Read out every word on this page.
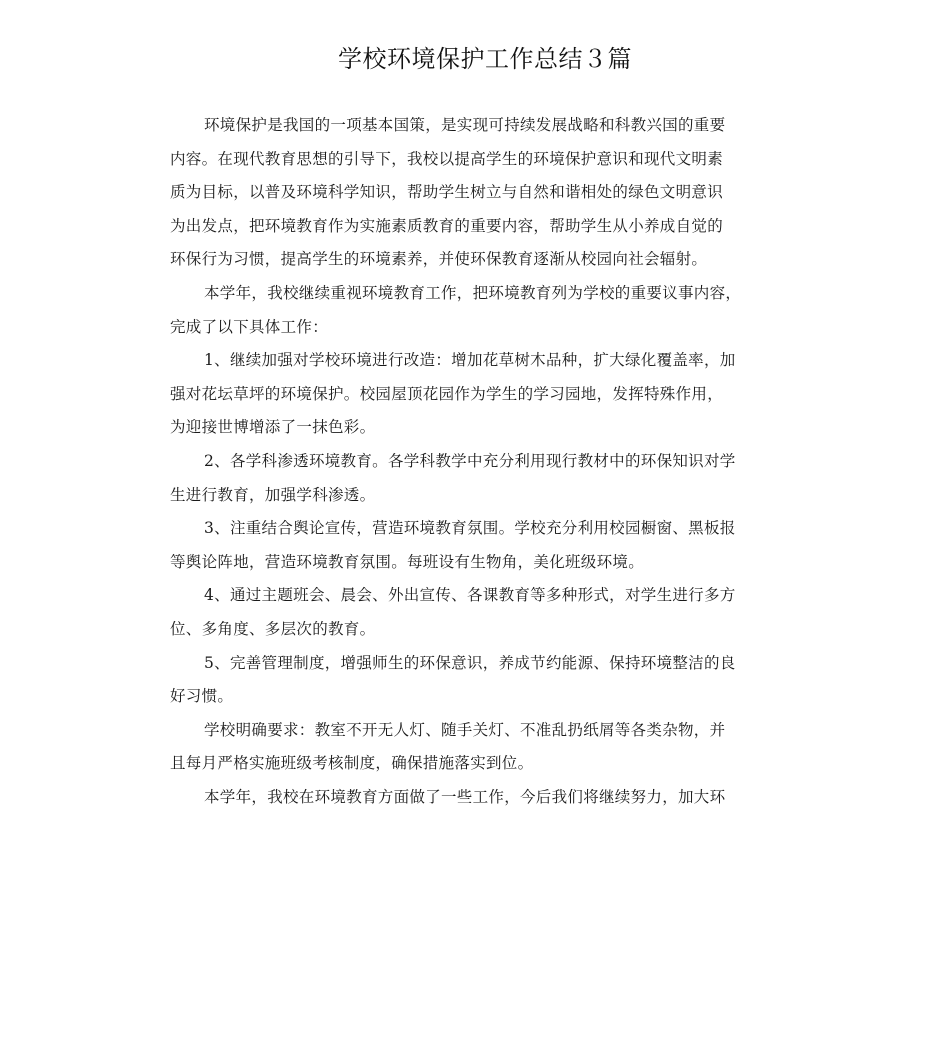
学校环境保护工作总结３篇
环境保护是我国的一项基本国策，是实现可持续发展战略和科教兴国的重要
内容。在现代教育思想的引导下，我校以提高学生的环境保护意识和现代文明素
质为目标，以普及环境科学知识，帮助学生树立与自然和谐相处的绿色文明意识
为出发点，把环境教育作为实施素质教育的重要内容，帮助学生从小养成自觉的
环保行为习惯，提高学生的环境素养，并使环保教育逐渐从校园向社会辐射。
本学年，我校继续重视环境教育工作，把环境教育列为学校的重要议事内容，
完成了以下具体工作：
1、继续加强对学校环境进行改造：增加花草树木品种，扩大绿化覆盖率，加
强对花坛草坪的环境保护。校园屋顶花园作为学生的学习园地，发挥特殊作用，
为迎接世博增添了一抹色彩。
2、各学科渗透环境教育。各学科教学中充分利用现行教材中的环保知识对学
生进行教育，加强学科渗透。
3、注重结合舆论宣传，营造环境教育氛围。学校充分利用校园橱窗、黑板报
等舆论阵地，营造环境教育氛围。每班设有生物角，美化班级环境。
4、通过主题班会、晨会、外出宣传、各课教育等多种形式，对学生进行多方
位、多角度、多层次的教育。
5、完善管理制度，增强师生的环保意识，养成节约能源、保持环境整洁的良
好习惯。
学校明确要求：教室不开无人灯、随手关灯、不准乱扔纸屑等各类杂物，并
且每月严格实施班级考核制度，确保措施落实到位。
本学年，我校在环境教育方面做了一些工作，今后我们将继续努力，加大环
